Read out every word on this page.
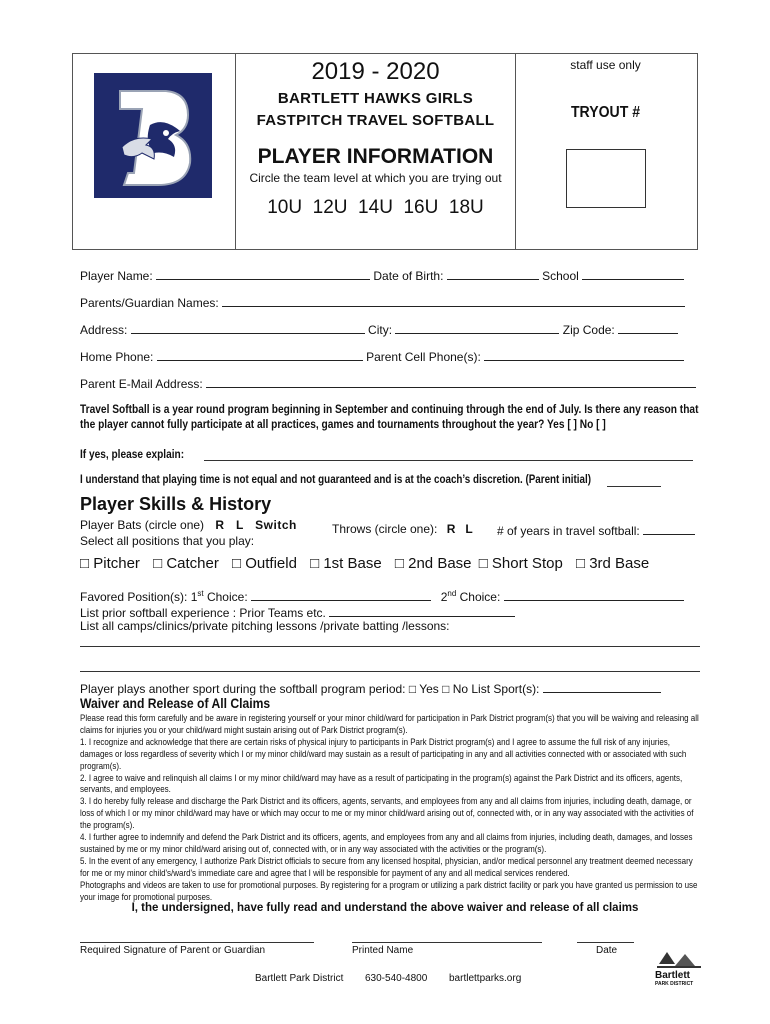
2019 - 2020
BARTLETT HAWKS GIRLS
FASTPITCH TRAVEL SOFTBALL
PLAYER INFORMATION
Circle the team level at which you are trying out
10U  12U  14U  16U  18U
staff use only
TRYOUT #
Player Name:	Date of Birth:	School
Parents/Guardian Names:
Address:	City:	Zip Code:
Home Phone:	Parent Cell Phone(s):
Parent E-Mail Address:
Travel Softball is a year round program beginning in September and continuing through the end of July. Is there any reason that the player cannot fully participate at all practices, games and tournaments throughout the year? Yes [ ] No [ ]
If yes, please explain:
I understand that playing time is not equal and not guaranteed and is at the coach’s discretion. (Parent initial)
Player Skills & History
Player Bats (circle one) R   L   Switch	Throws (circle one): R   L # of years in travel softball:
Select all positions that you play:
□ Pitcher □ Catcher □ Outfield □ 1st Base □ 2nd Base □ Short Stop □ 3rd Base
Favored Position(s): 1st Choice:	2nd Choice:
List prior softball experience : Prior Teams etc.
List all camps/clinics/private pitching lessons /private batting /lessons:
Player plays another sport during the softball program period: □ Yes □ No List Sport(s):
Waiver and Release of All Claims

Please read this form carefully and be aware in registering yourself or your minor child/ward for participation in Park District program(s) that you will be waiving and releasing all claims for injuries you or your child/ward might sustain arising out of Park District program(s).

1. I recognize and acknowledge that there are certain risks of physical injury to participants in Park District program(s) and I agree to assume the full risk of any injuries, damages or loss regardless of severity which I or my minor child/ward may sustain as a result of participating in any and all activities connected with or associated with such program(s).

2. I agree to waive and relinquish all claims I or my minor child/ward may have as a result of participating in the program(s) against the Park District and its officers, agents, servants, and employees.

3. I do hereby fully release and discharge the Park District and its officers, agents, servants, and employees from any and all claims from injuries, including death, damage, or loss of which I or my minor child/ward may have or which may occur to me or my minor child/ward arising out of, connected with, or in any way associated with the activities of the program(s).

4. I further agree to indemnify and defend the Park District and its officers, agents, and employees from any and all claims from injuries, including death, damages, and losses sustained by me or my minor child/ward arising out of, connected with, or in any way associated with the activities or the program(s).

5. In the event of any emergency, I authorize Park District officials to secure from any licensed hospital, physician, and/or medical personnel any treatment deemed necessary for me or my minor child's/ward's immediate care and agree that I will be responsible for payment of any and all medical services rendered.

Photographs and videos are taken to use for promotional purposes. By registering for a program or utilizing a park district facility or park you have granted us permission to use your image for promotional purposes.

I, the undersigned, have fully read and understand the above waiver and release of all claims
Required Signature of Parent or Guardian	Printed Name	Date
Bartlett Park District 630-540-4800 bartlettparks.org	Bartlett
PARK DISTRICT
